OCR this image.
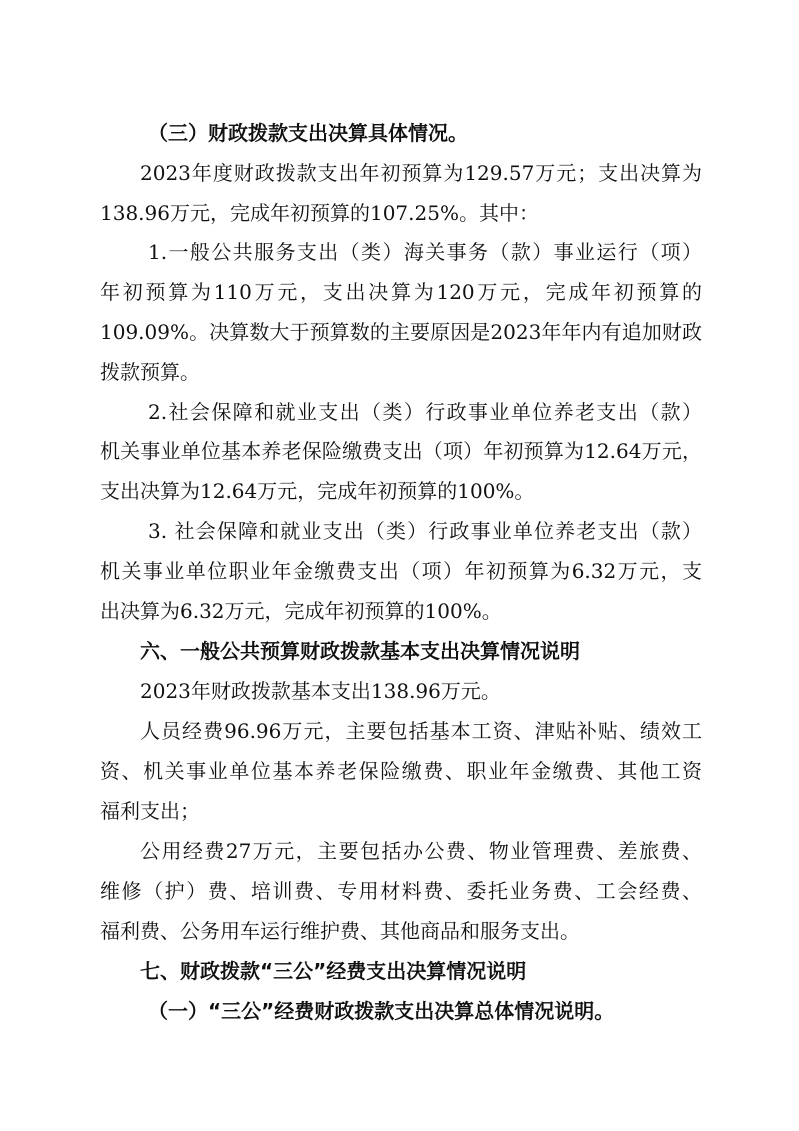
（三）财政拨款支出决算具体情况。
2023年度财政拨款支出年初预算为129.57万元；支出决算为
138.96万元，完成年初预算的107.25%。其中：
1.一般公共服务支出（类）海关事务（款）事业运行（项）
年初预算为110万元，支出决算为120万元，完成年初预算的
109.09%。决算数大于预算数的主要原因是2023年年内有追加财政
拨款预算。
2.社会保障和就业支出（类）行政事业单位养老支出（款）
机关事业单位基本养老保险缴费支出（项）年初预算为12.64万元，
支出决算为12.64万元，完成年初预算的100%。
3. 社会保障和就业支出（类）行政事业单位养老支出（款）
机关事业单位职业年金缴费支出（项）年初预算为6.32万元，支
出决算为6.32万元，完成年初预算的100%。
六、一般公共预算财政拨款基本支出决算情况说明
2023年财政拨款基本支出138.96万元。
人员经费96.96万元，主要包括基本工资、津贴补贴、绩效工
资、机关事业单位基本养老保险缴费、职业年金缴费、其他工资
福利支出；
公用经费27万元，主要包括办公费、物业管理费、差旅费、
维修（护）费、培训费、专用材料费、委托业务费、工会经费、
福利费、公务用车运行维护费、其他商品和服务支出。
七、财政拨款“三公”经费支出决算情况说明
（一）“三公”经费财政拨款支出决算总体情况说明。
